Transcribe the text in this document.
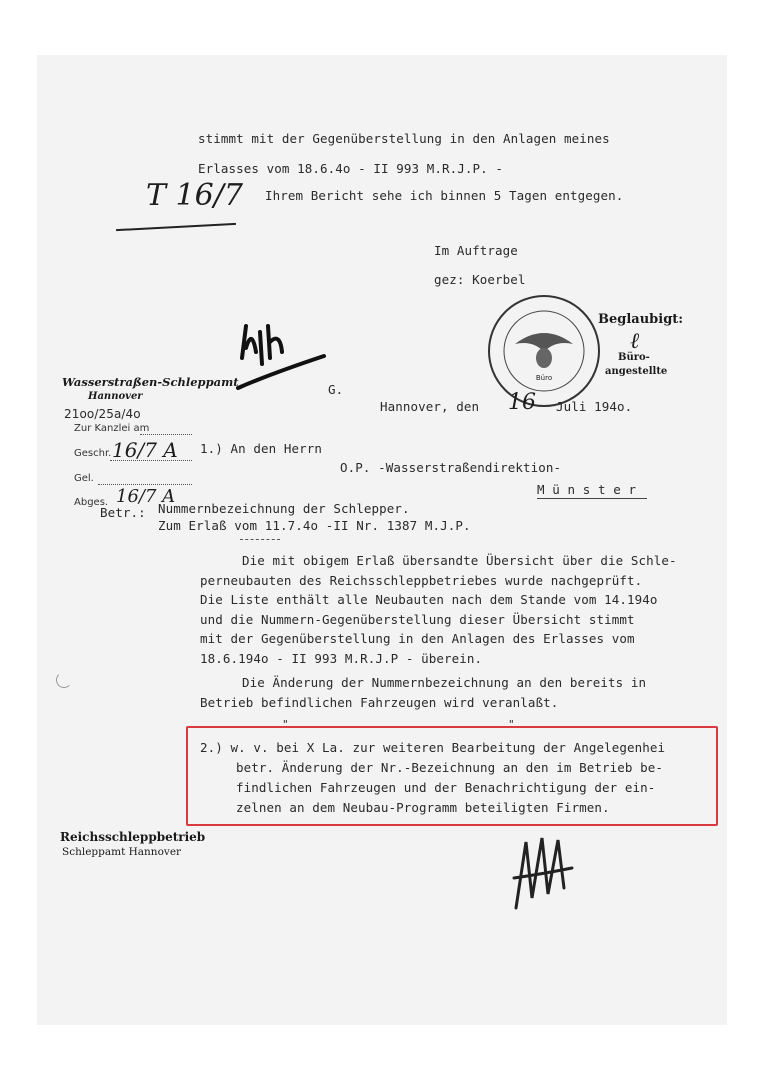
stimmt mit der Gegenüberstellung in den Anlagen meines
Erlasses vom 18.6.4o - II 993 M.R.J.P. -
Ihrem Bericht sehe ich binnen 5 Tagen entgegen.
T 16/7
Im Auftrage
gez: Koerbel
Büro
Beglaubigt:
ℓ
Büro-
angestellte
Wasserstraßen-Schleppamt
Hannover
21oo/25a/4o
Zur Kanzlei am
Geschr. 16/7 A
Gel.
Abges. 16/7 A
G.
Hannover, den 16 Juli 194o.
1.) An den Herrn
O.P. -Wasserstraßendirektion-
M ü n s t e r
Betr.: Nummernbezeichnung der Schlepper.
Zum Erlaß vom 11.7.4o -II Nr. 1387 M.J.P.
Die mit obigem Erlaß übersandte Übersicht über die Schle-
perneubauten des Reichsschleppbetriebes wurde nachgeprüft.
Die Liste enthält alle Neubauten nach dem Stande vom 14.194o
und die Nummern-Gegenüberstellung dieser Übersicht stimmt
mit der Gegenüberstellung in den Anlagen des Erlasses vom
18.6.194o - II 993 M.R.J.P - überein.
Die Änderung der Nummernbezeichnung an den bereits in
Betrieb befindlichen Fahrzeugen wird veranlaßt.
"	"
2.) w. v. bei X La. zur weiteren Bearbeitung der Angelegenhei
betr. Änderung der Nr.-Bezeichnung an den im Betrieb be-
findlichen Fahrzeugen und der Benachrichtigung der ein-
zelnen an dem Neubau-Programm beteiligten Firmen.
Reichsschleppbetrieb
Schleppamt Hannover
